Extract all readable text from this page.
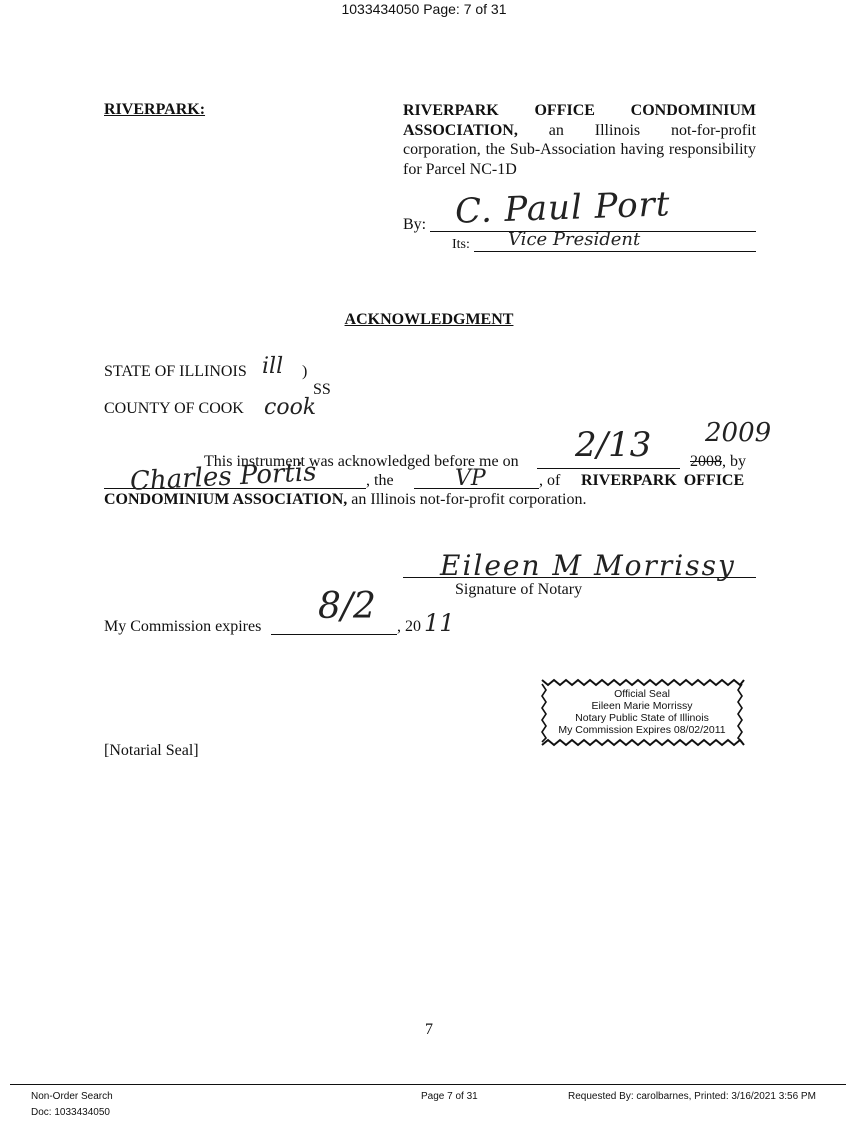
1033434050 Page: 7 of 31
RIVERPARK:	RIVERPARK OFFICE CONDOMINIUM ASSOCIATION, an Illinois not-for-profit corporation, the Sub-Association having responsibility for Parcel NC-1D
By: C. Paul Port
Its: Vice President
ACKNOWLEDGMENT
STATE OF ILLINOIS ill )
SS
COUNTY OF COOK cook
This instrument was acknowledged before me on 2/13 2008
2009
, by
Charles Portis	, the	VP	, of RIVERPARK OFFICE
CONDOMINIUM ASSOCIATION, an Illinois not-for-profit corporation.
Eileen M Morrissy
Signature of Notary
My Commission expires 8/2 , 20 11
Official Seal
Eileen Marie Morrissy
Notary Public State of Illinois
My Commission Expires 08/02/2011
[Notarial Seal]
7
Non-Order Search
Doc: 1033434050
Page 7 of 31	Requested By: carolbarnes, Printed: 3/16/2021 3:56 PM
